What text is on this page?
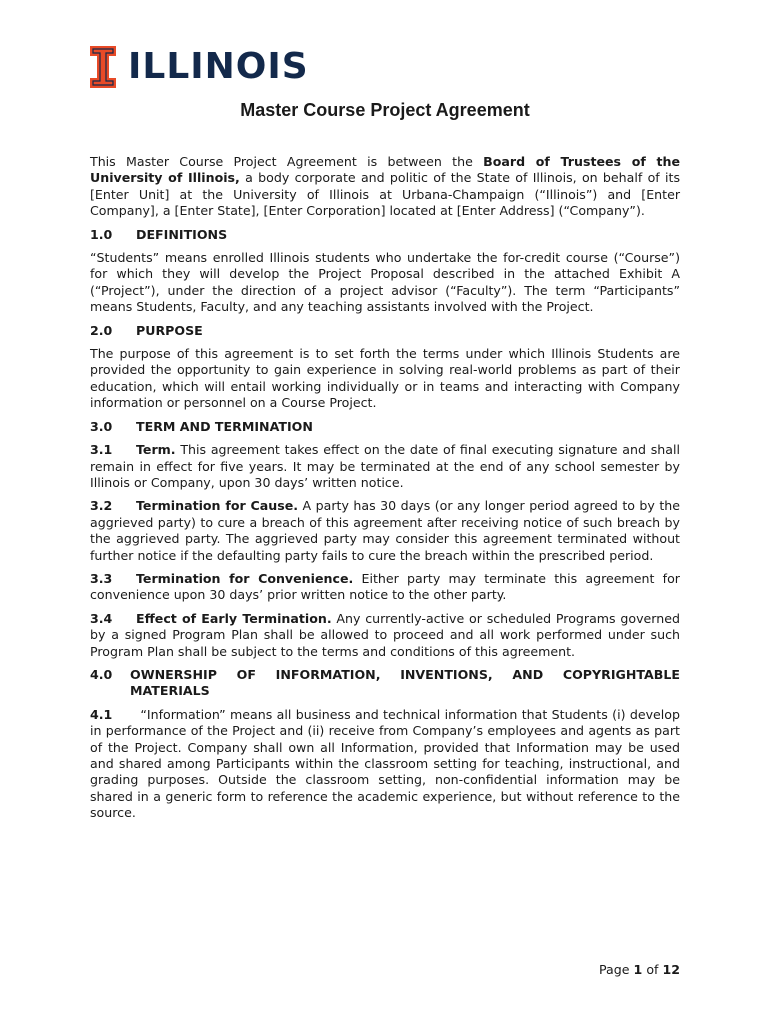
ILLINOIS
Master Course Project Agreement

This Master Course Project Agreement is between the Board of Trustees of the University of Illinois, a body corporate and politic of the State of Illinois, on behalf of its [Enter Unit] at the University of Illinois at Urbana-Champaign (“Illinois”) and [Enter Company], a [Enter State], [Enter Corporation] located at [Enter Address] (“Company”).

1.0	DEFINITIONS

“Students” means enrolled Illinois students who undertake the for-credit course (“Course”) for which they will develop the Project Proposal described in the attached Exhibit A (“Project”), under the direction of a project advisor (“Faculty”). The term “Participants” means Students, Faculty, and any teaching assistants involved with the Project.

2.0	PURPOSE

The purpose of this agreement is to set forth the terms under which Illinois Students are provided the opportunity to gain experience in solving real-world problems as part of their education, which will entail working individually or in teams and interacting with Company information or personnel on a Course Project.

3.0	TERM AND TERMINATION

3.1 Term. This agreement takes effect on the date of final executing signature and shall remain in effect for five years. It may be terminated at the end of any school semester by Illinois or Company, upon 30 days’ written notice.

3.2 Termination for Cause. A party has 30 days (or any longer period agreed to by the aggrieved party) to cure a breach of this agreement after receiving notice of such breach by the aggrieved party. The aggrieved party may consider this agreement terminated without further notice if the defaulting party fails to cure the breach within the prescribed period.

3.3 Termination for Convenience. Either party may terminate this agreement for convenience upon 30 days’ prior written notice to the other party.

3.4 Effect of Early Termination. Any currently-active or scheduled Programs governed by a signed Program Plan shall be allowed to proceed and all work performed under such Program Plan shall be subject to the terms and conditions of this agreement.

4.0	OWNERSHIP OF INFORMATION, INVENTIONS, AND COPYRIGHTABLE MATERIALS

4.1 “Information” means all business and technical information that Students (i) develop in performance of the Project and (ii) receive from Company’s employees and agents as part of the Project. Company shall own all Information, provided that Information may be used and shared among Participants within the classroom setting for teaching, instructional, and grading purposes. Outside the classroom setting, non-confidential information may be shared in a generic form to reference the academic experience, but without reference to the source.

Page 1 of 12
